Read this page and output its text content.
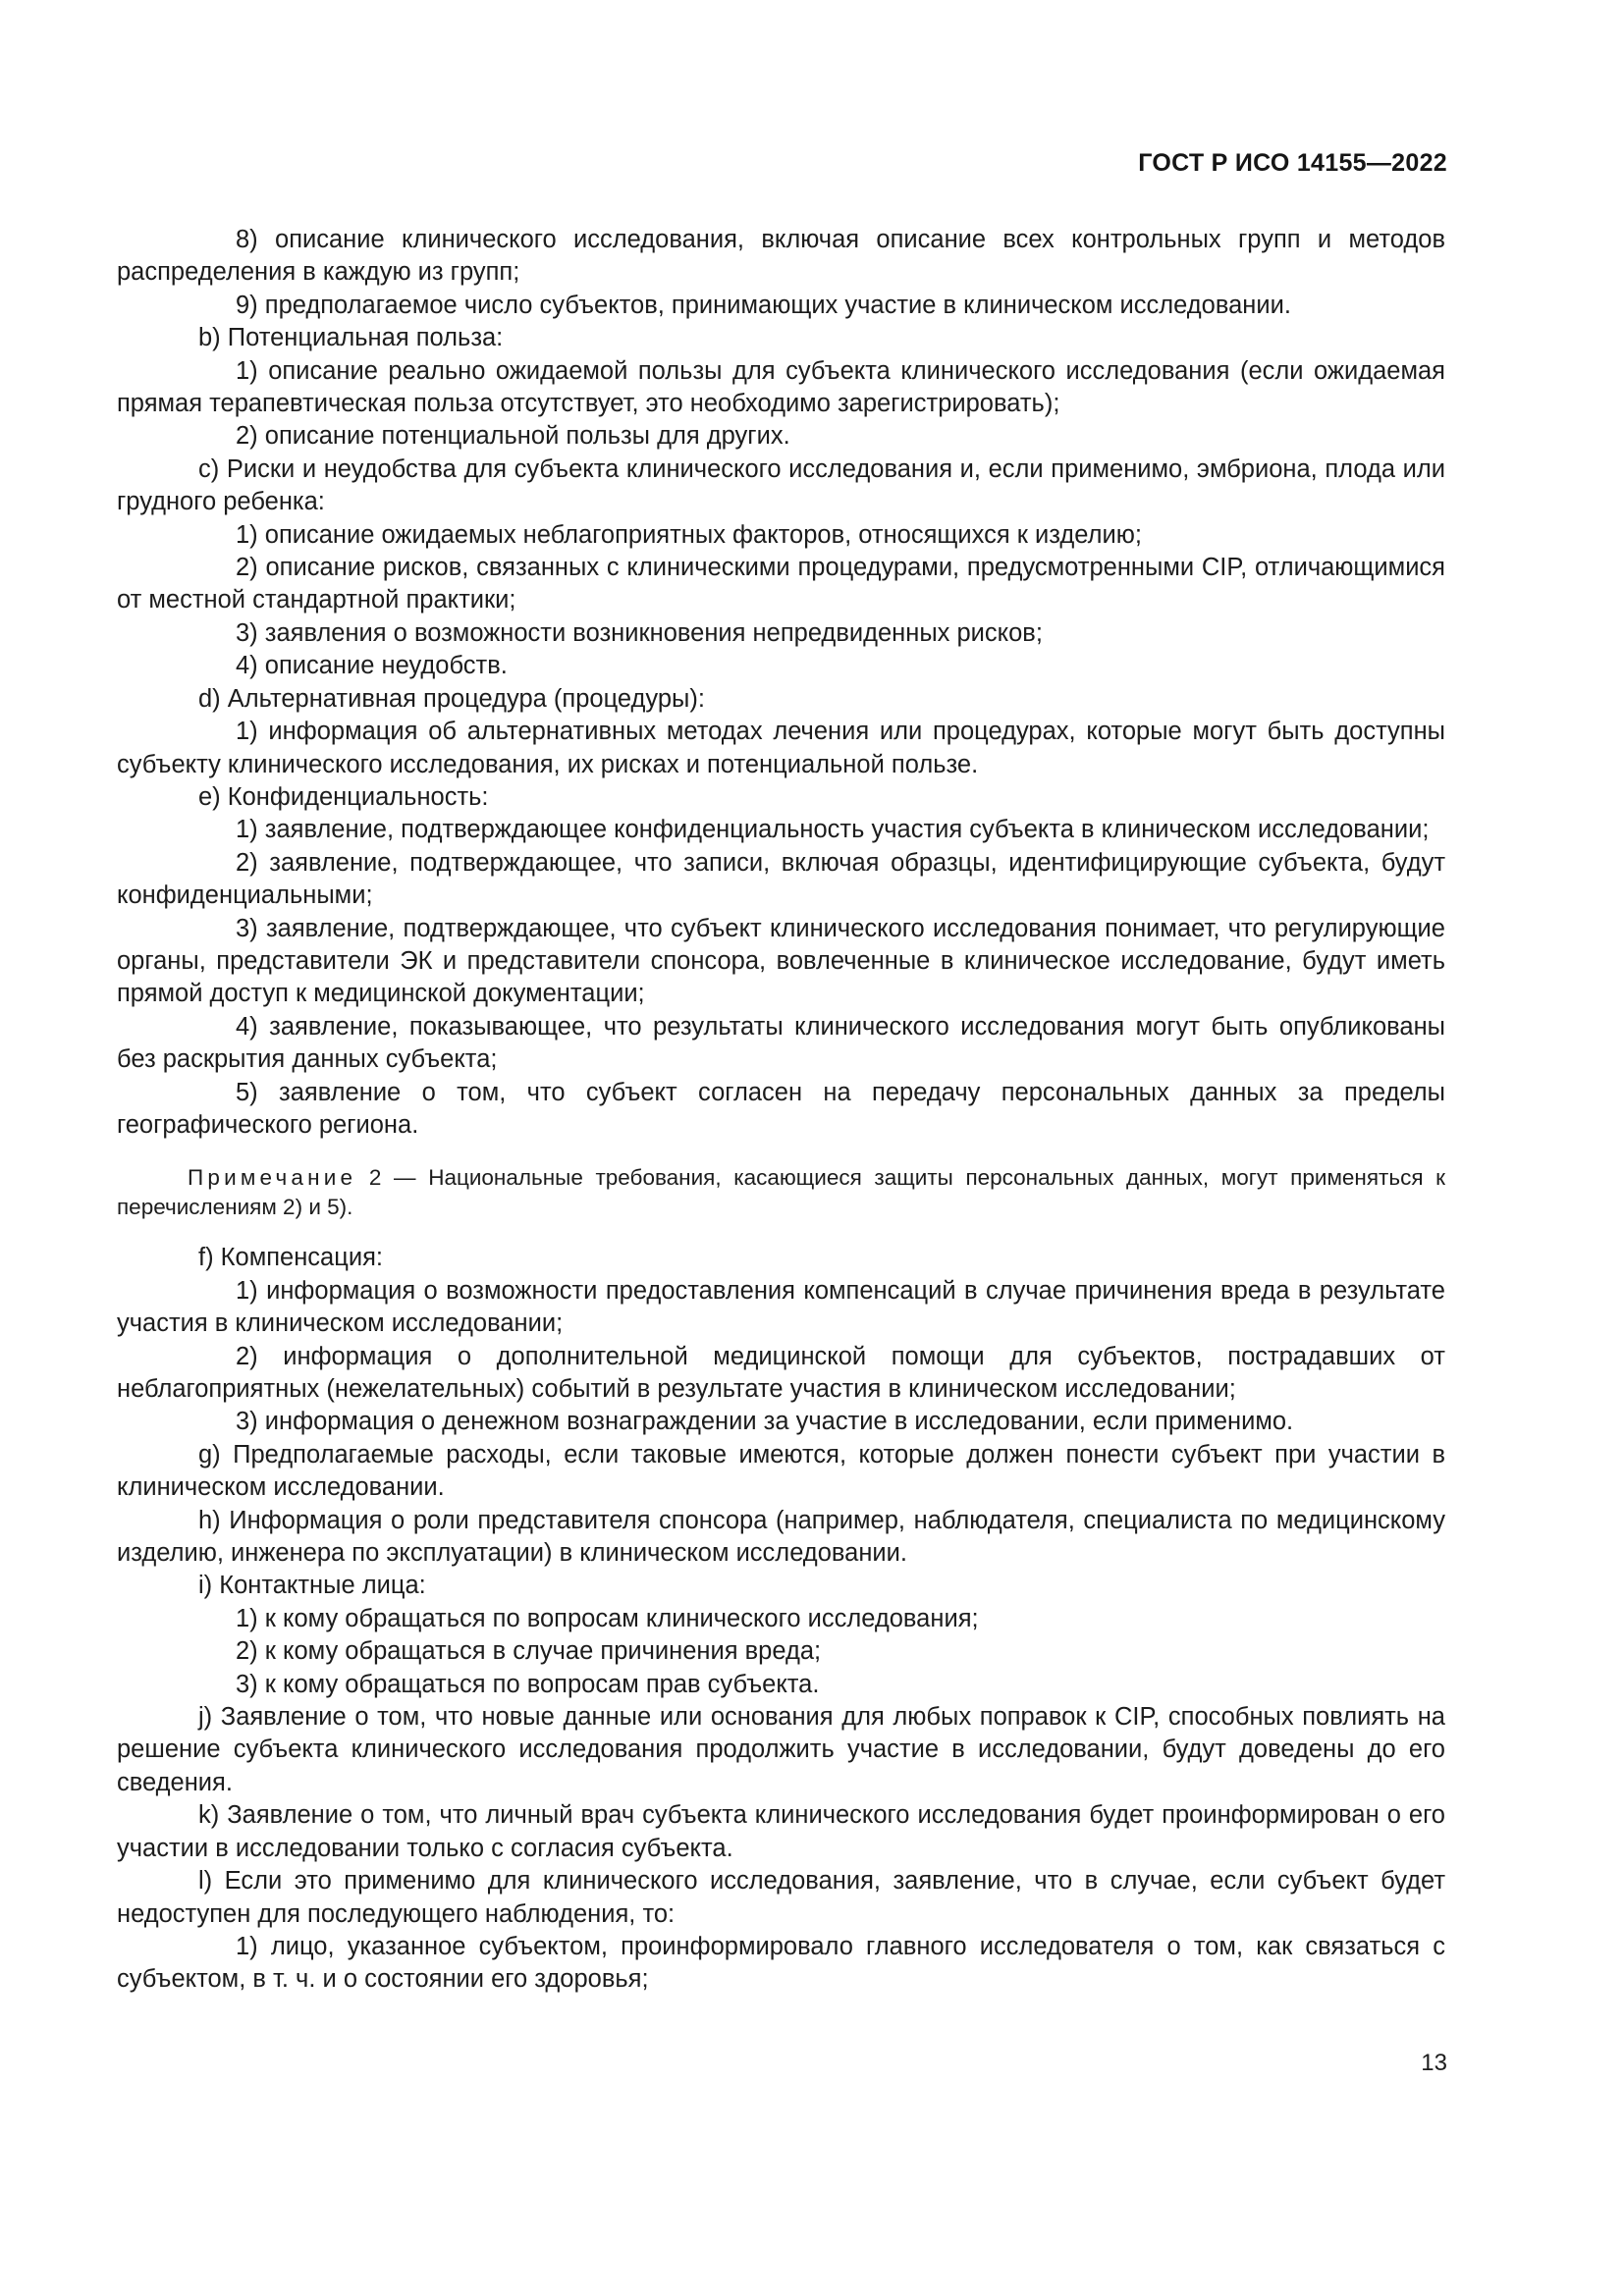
ГОСТ Р ИСО 14155—2022

8) описание клинического исследования, включая описание всех контрольных групп и методов распределения в каждую из групп;

9) предполагаемое число субъектов, принимающих участие в клиническом исследовании.

b) Потенциальная польза:

1) описание реально ожидаемой пользы для субъекта клинического исследования (если ожидаемая прямая терапевтическая польза отсутствует, это необходимо зарегистрировать);

2) описание потенциальной пользы для других.

c) Риски и неудобства для субъекта клинического исследования и, если применимо, эмбриона, плода или грудного ребенка:

1) описание ожидаемых неблагоприятных факторов, относящихся к изделию;

2) описание рисков, связанных с клиническими процедурами, предусмотренными CIP, отличающимися от местной стандартной практики;

3) заявления о возможности возникновения непредвиденных рисков;

4) описание неудобств.

d) Альтернативная процедура (процедуры):

1) информация об альтернативных методах лечения или процедурах, которые могут быть доступны субъекту клинического исследования, их рисках и потенциальной пользе.

e) Конфиденциальность:

1) заявление, подтверждающее конфиденциальность участия субъекта в клиническом исследовании;

2) заявление, подтверждающее, что записи, включая образцы, идентифицирующие субъекта, будут конфиденциальными;

3) заявление, подтверждающее, что субъект клинического исследования понимает, что регулирующие органы, представители ЭК и представители спонсора, вовлеченные в клиническое исследование, будут иметь прямой доступ к медицинской документации;

4) заявление, показывающее, что результаты клинического исследования могут быть опубликованы без раскрытия данных субъекта;

5) заявление о том, что субъект согласен на передачу персональных данных за пределы географического региона.

Примечание 2 — Национальные требования, касающиеся защиты персональных данных, могут применяться к перечислениям 2) и 5).

f) Компенсация:

1) информация о возможности предоставления компенсаций в случае причинения вреда в результате участия в клиническом исследовании;

2) информация о дополнительной медицинской помощи для субъектов, пострадавших от неблагоприятных (нежелательных) событий в результате участия в клиническом исследовании;

3) информация о денежном вознаграждении за участие в исследовании, если применимо.

g) Предполагаемые расходы, если таковые имеются, которые должен понести субъект при участии в клиническом исследовании.

h) Информация о роли представителя спонсора (например, наблюдателя, специалиста по медицинскому изделию, инженера по эксплуатации) в клиническом исследовании.

i) Контактные лица:

1) к кому обращаться по вопросам клинического исследования;

2) к кому обращаться в случае причинения вреда;

3) к кому обращаться по вопросам прав субъекта.

j) Заявление о том, что новые данные или основания для любых поправок к CIP, способных повлиять на решение субъекта клинического исследования продолжить участие в исследовании, будут доведены до его сведения.

k) Заявление о том, что личный врач субъекта клинического исследования будет проинформирован о его участии в исследовании только с согласия субъекта.

l) Если это применимо для клинического исследования, заявление, что в случае, если субъект будет недоступен для последующего наблюдения, то:

1) лицо, указанное субъектом, проинформировало главного исследователя о том, как связаться с субъектом, в т. ч. и о состоянии его здоровья;

13
